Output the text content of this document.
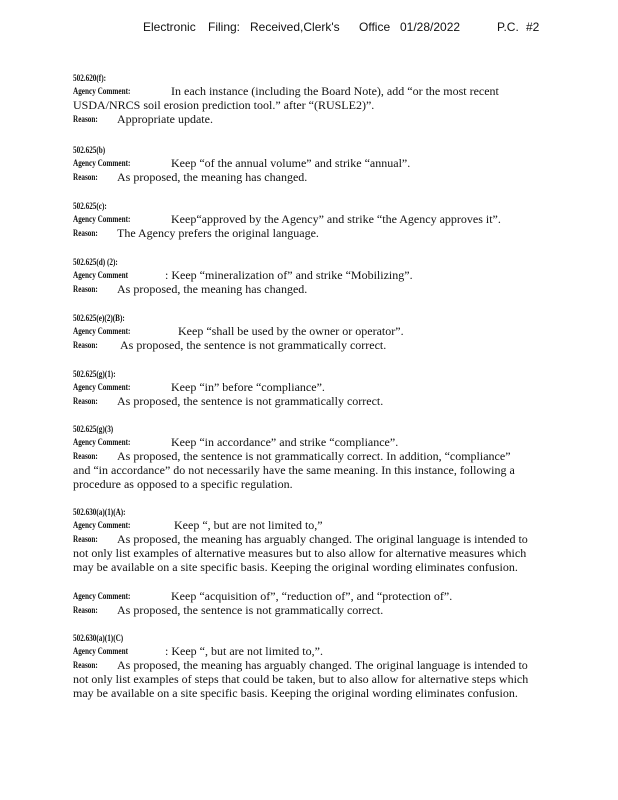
Electronic Filing: Received,Clerk's Office 01/28/2022	P.C. #2
502.620(f):
Agency Comment:	In each instance (including the Board Note), add “or the most recent
USDA/NRCS soil erosion prediction tool.” after “(RUSLE2)”.
Reason: Appropriate update.
502.625(b)
Agency Comment:	Keep “of the annual volume” and strike “annual”.
Reason: As proposed, the meaning has changed.
502.625(c):
Agency Comment:	Keep“approved by the Agency” and strike “the Agency approves it”.
Reason: The Agency prefers the original language.
502.625(d) (2):
Agency Comment	: Keep “mineralization of” and strike “Mobilizing”.
Reason: As proposed, the meaning has changed.
502.625(e)(2)(B):
Agency Comment:	Keep “shall be used by the owner or operator”.
Reason: As proposed, the sentence is not grammatically correct.
502.625(g)(1):
Agency Comment:	Keep “in” before “compliance”.
Reason: As proposed, the sentence is not grammatically correct.
502.625(g)(3)
Agency Comment:	Keep “in accordance” and strike “compliance”.
Reason: As proposed, the sentence is not grammatically correct. In addition, “compliance”
and “in accordance” do not necessarily have the same meaning. In this instance, following a
procedure as opposed to a specific regulation.
502.630(a)(1)(A):
Agency Comment:	Keep “, but are not limited to,”
Reason: As proposed, the meaning has arguably changed. The original language is intended to
not only list examples of alternative measures but to also allow for alternative measures which
may be available on a site specific basis. Keeping the original wording eliminates confusion.
Agency Comment:	Keep “acquisition of”, “reduction of”, and “protection of”.
Reason: As proposed, the sentence is not grammatically correct.
502.630(a)(1)(C)
Agency Comment	: Keep “, but are not limited to,”.
Reason: As proposed, the meaning has arguably changed. The original language is intended to
not only list examples of steps that could be taken, but to also allow for alternative steps which
may be available on a site specific basis. Keeping the original wording eliminates confusion.
